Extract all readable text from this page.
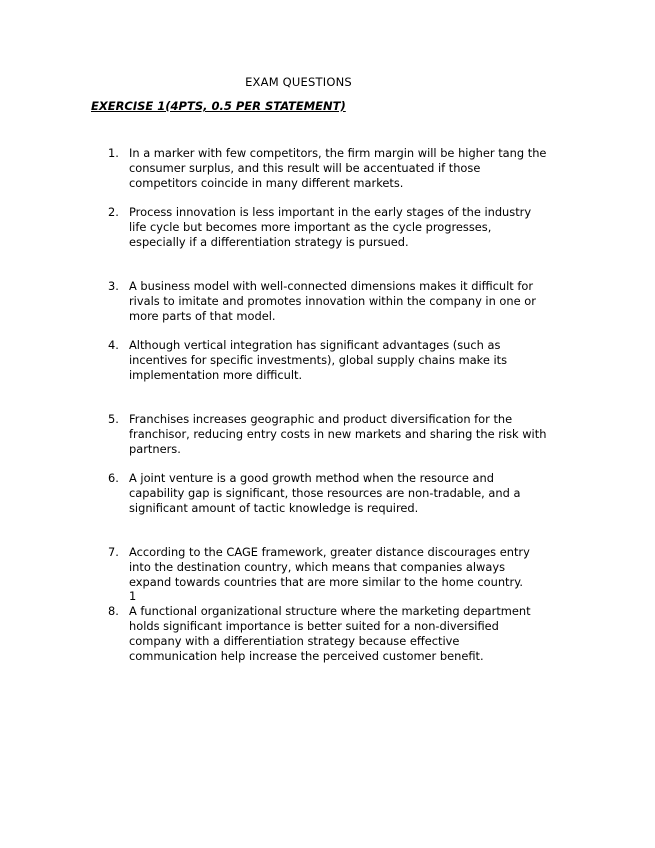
EXAM QUESTIONS
EXERCISE 1(4PTS, 0.5 PER STATEMENT)
1. In a marker with few competitors, the firm margin will be higher tang the
consumer surplus, and this result will be accentuated if those
competitors coincide in many different markets.
2. Process innovation is less important in the early stages of the industry
life cycle but becomes more important as the cycle progresses,
especially if a differentiation strategy is pursued.
3. A business model with well-connected dimensions makes it difficult for
rivals to imitate and promotes innovation within the company in one or
more parts of that model.
4. Although vertical integration has significant advantages (such as
incentives for specific investments), global supply chains make its
implementation more difficult.
5. Franchises increases geographic and product diversification for the
franchisor, reducing entry costs in new markets and sharing the risk with
partners.
6. A joint venture is a good growth method when the resource and
capability gap is significant, those resources are non-tradable, and a
significant amount of tactic knowledge is required.
7. According to the CAGE framework, greater distance discourages entry
into the destination country, which means that companies always
expand towards countries that are more similar to the home country.
1
8. A functional organizational structure where the marketing department
holds significant importance is better suited for a non-diversified
company with a differentiation strategy because effective
communication help increase the perceived customer benefit.
